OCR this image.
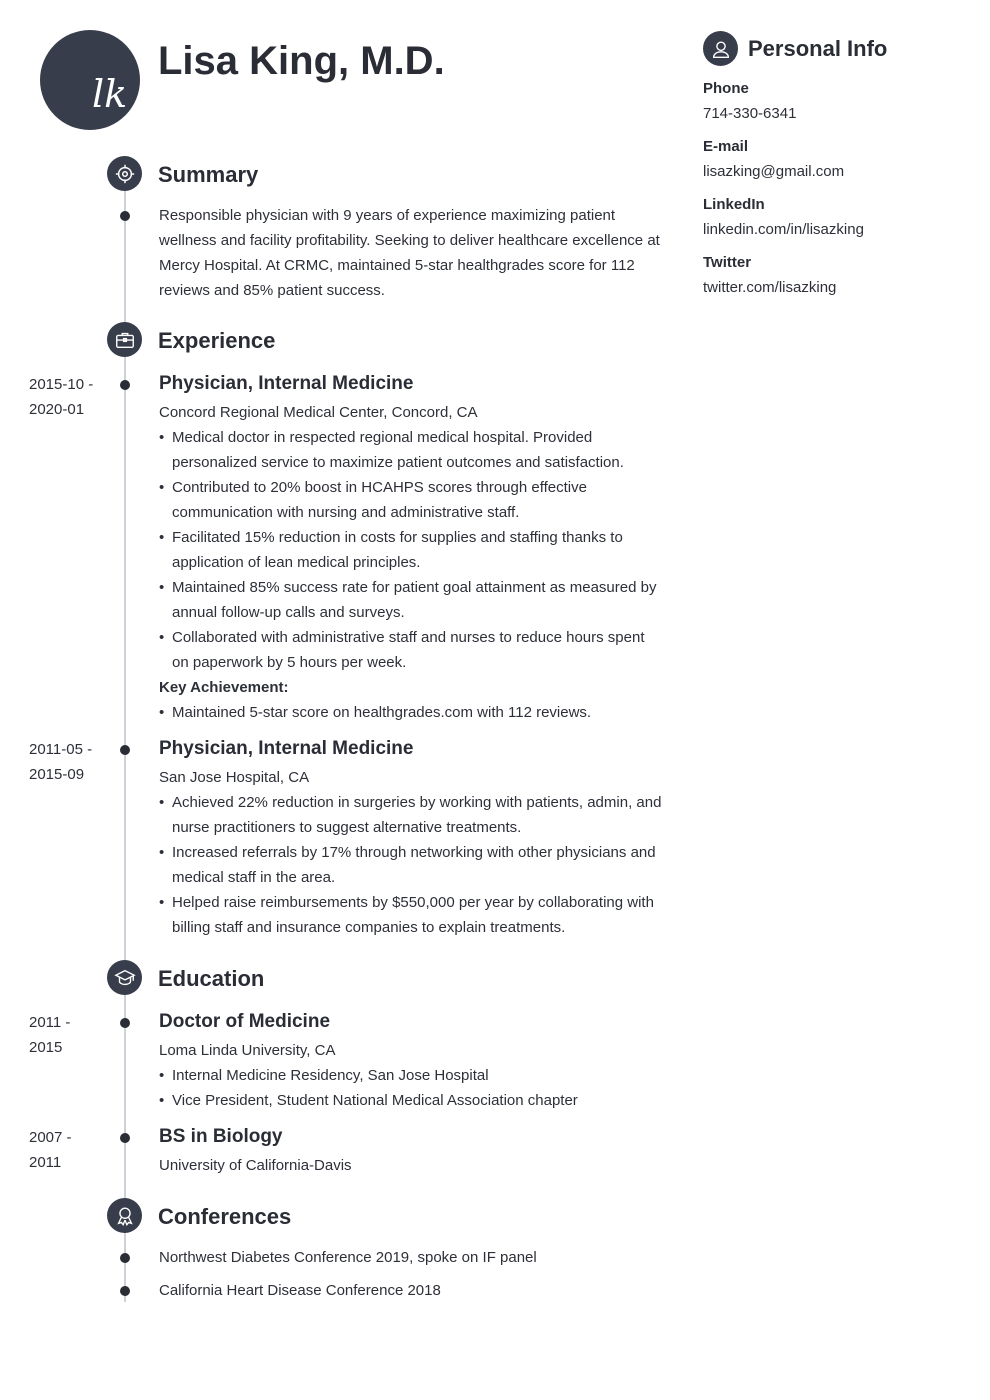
lk
Lisa King, M.D.
Summary
Responsible physician with 9 years of experience maximizing patient wellness and facility profitability. Seeking to deliver healthcare excellence at Mercy Hospital. At CRMC, maintained 5-star healthgrades score for 112 reviews and 85% patient success.
Experience
2015-10 -
2020-01
Physician, Internal Medicine
Concord Regional Medical Center, Concord, CA
• Medical doctor in respected regional medical hospital. Provided personalized service to maximize patient outcomes and satisfaction.
• Contributed to 20% boost in HCAHPS scores through effective communication with nursing and administrative staff.
• Facilitated 15% reduction in costs for supplies and staffing thanks to application of lean medical principles.
• Maintained 85% success rate for patient goal attainment as measured by annual follow-up calls and surveys.
• Collaborated with administrative staff and nurses to reduce hours spent on paperwork by 5 hours per week.
Key Achievement:
• Maintained 5-star score on healthgrades.com with 112 reviews.
2011-05 -
2015-09
Physician, Internal Medicine
San Jose Hospital, CA
• Achieved 22% reduction in surgeries by working with patients, admin, and nurse practitioners to suggest alternative treatments.
• Increased referrals by 17% through networking with other physicians and medical staff in the area.
• Helped raise reimbursements by $550,000 per year by collaborating with billing staff and insurance companies to explain treatments.
Education
2011 -
2015
Doctor of Medicine
Loma Linda University, CA
• Internal Medicine Residency, San Jose Hospital
• Vice President, Student National Medical Association chapter
2007 -
2011
BS in Biology
University of California-Davis
Conferences
Northwest Diabetes Conference 2019, spoke on IF panel
California Heart Disease Conference 2018
Personal Info
Phone
714-330-6341
E-mail
lisazking@gmail.com
LinkedIn
linkedin.com/in/lisazking
Twitter
twitter.com/lisazking
